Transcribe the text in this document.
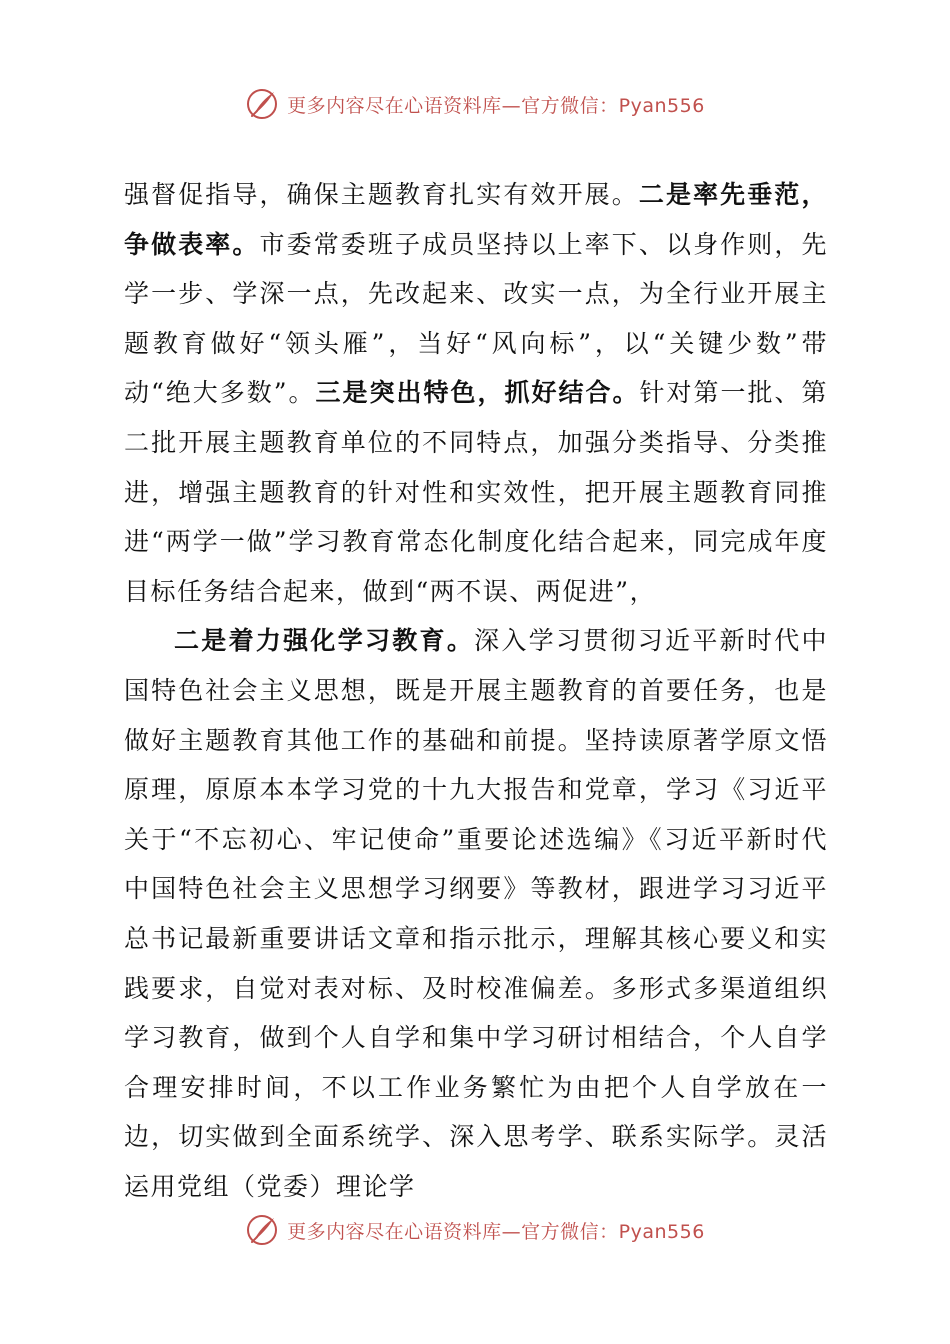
更多内容尽在心语资料库—官方微信：Pyan556

强督促指导，确保主题教育扎实有效开展。二是率先垂范，争做表率。市委常委班子成员坚持以上率下、以身作则，先学一步、学深一点，先改起来、改实一点，为全行业开展主题教育做好“领头雁”，当好“风向标”，以“关键少数”带动“绝大多数”。三是突出特色，抓好结合。针对第一批、第二批开展主题教育单位的不同特点，加强分类指导、分类推进，增强主题教育的针对性和实效性，把开展主题教育同推进“两学一做”学习教育常态化制度化结合起来，同完成年度目标任务结合起来，做到“两不误、两促进”，

二是着力强化学习教育。深入学习贯彻习近平新时代中国特色社会主义思想，既是开展主题教育的首要任务，也是做好主题教育其他工作的基础和前提。坚持读原著学原文悟原理，原原本本学习党的十九大报告和党章，学习《习近平关于“不忘初心、牢记使命”重要论述选编》《习近平新时代中国特色社会主义思想学习纲要》等教材，跟进学习习近平总书记最新重要讲话文章和指示批示，理解其核心要义和实践要求，自觉对表对标、及时校准偏差。多形式多渠道组织学习教育，做到个人自学和集中学习研讨相结合，个人自学合理安排时间，不以工作业务繁忙为由把个人自学放在一边，切实做到全面系统学、深入思考学、联系实际学。灵活运用党组（党委）理论学

更多内容尽在心语资料库—官方微信：Pyan556
